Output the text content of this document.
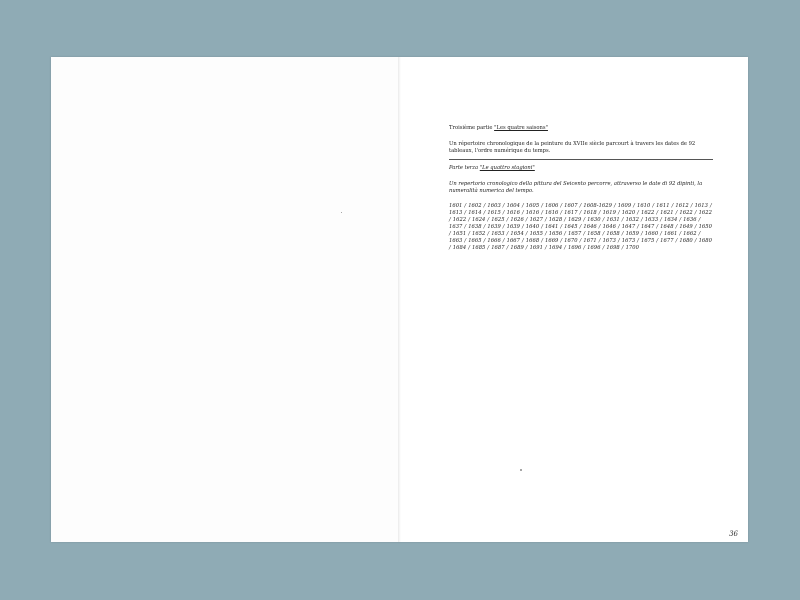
Troisième partie "Les quatre saisons"

Un répertoire chronologique de la peinture du XVIIe siècle parcourt à travers les dates de 92 tableaux, l'ordre numérique du temps.

Parte terza "Le quattro stagioni"

Un repertorio cronologico della pittura del Seicento percorre, attraverso le date di 92 dipinti, la numeralità numerica del tempo.

1601 / 1602 / 1603 / 1604 / 1605 / 1606 / 1607 / 1608-1629 / 1609 / 1610 / 1611 / 1612 / 1613 / 1613 / 1614 / 1615 / 1616 / 1616 / 1616 / 1617 / 1618 / 1619 / 1620 / 1622 / 1621 / 1622 / 1622 / 1622 / 1624 / 1625 / 1626 / 1627 / 1628 / 1629 / 1630 / 1631 / 1632 / 1633 / 1634 / 1636 / 1637 / 1638 / 1639 / 1639 / 1640 / 1641 / 1645 / 1646 / 1646 / 1647 / 1647 / 1648 / 1649 / 1650 / 1651 / 1652 / 1653 / 1654 / 1655 / 1656 / 1657 / 1658 / 1658 / 1659 / 1660 / 1661 / 1662 / 1663 / 1665 / 1666 / 1667 / 1668 / 1669 / 1670 / 1671 / 1673 / 1673 / 1675 / 1677 / 1680 / 1680 / 1684 / 1685 / 1687 / 1689 / 1691 / 1694 / 1696 / 1696 / 1698 / 1700

36
